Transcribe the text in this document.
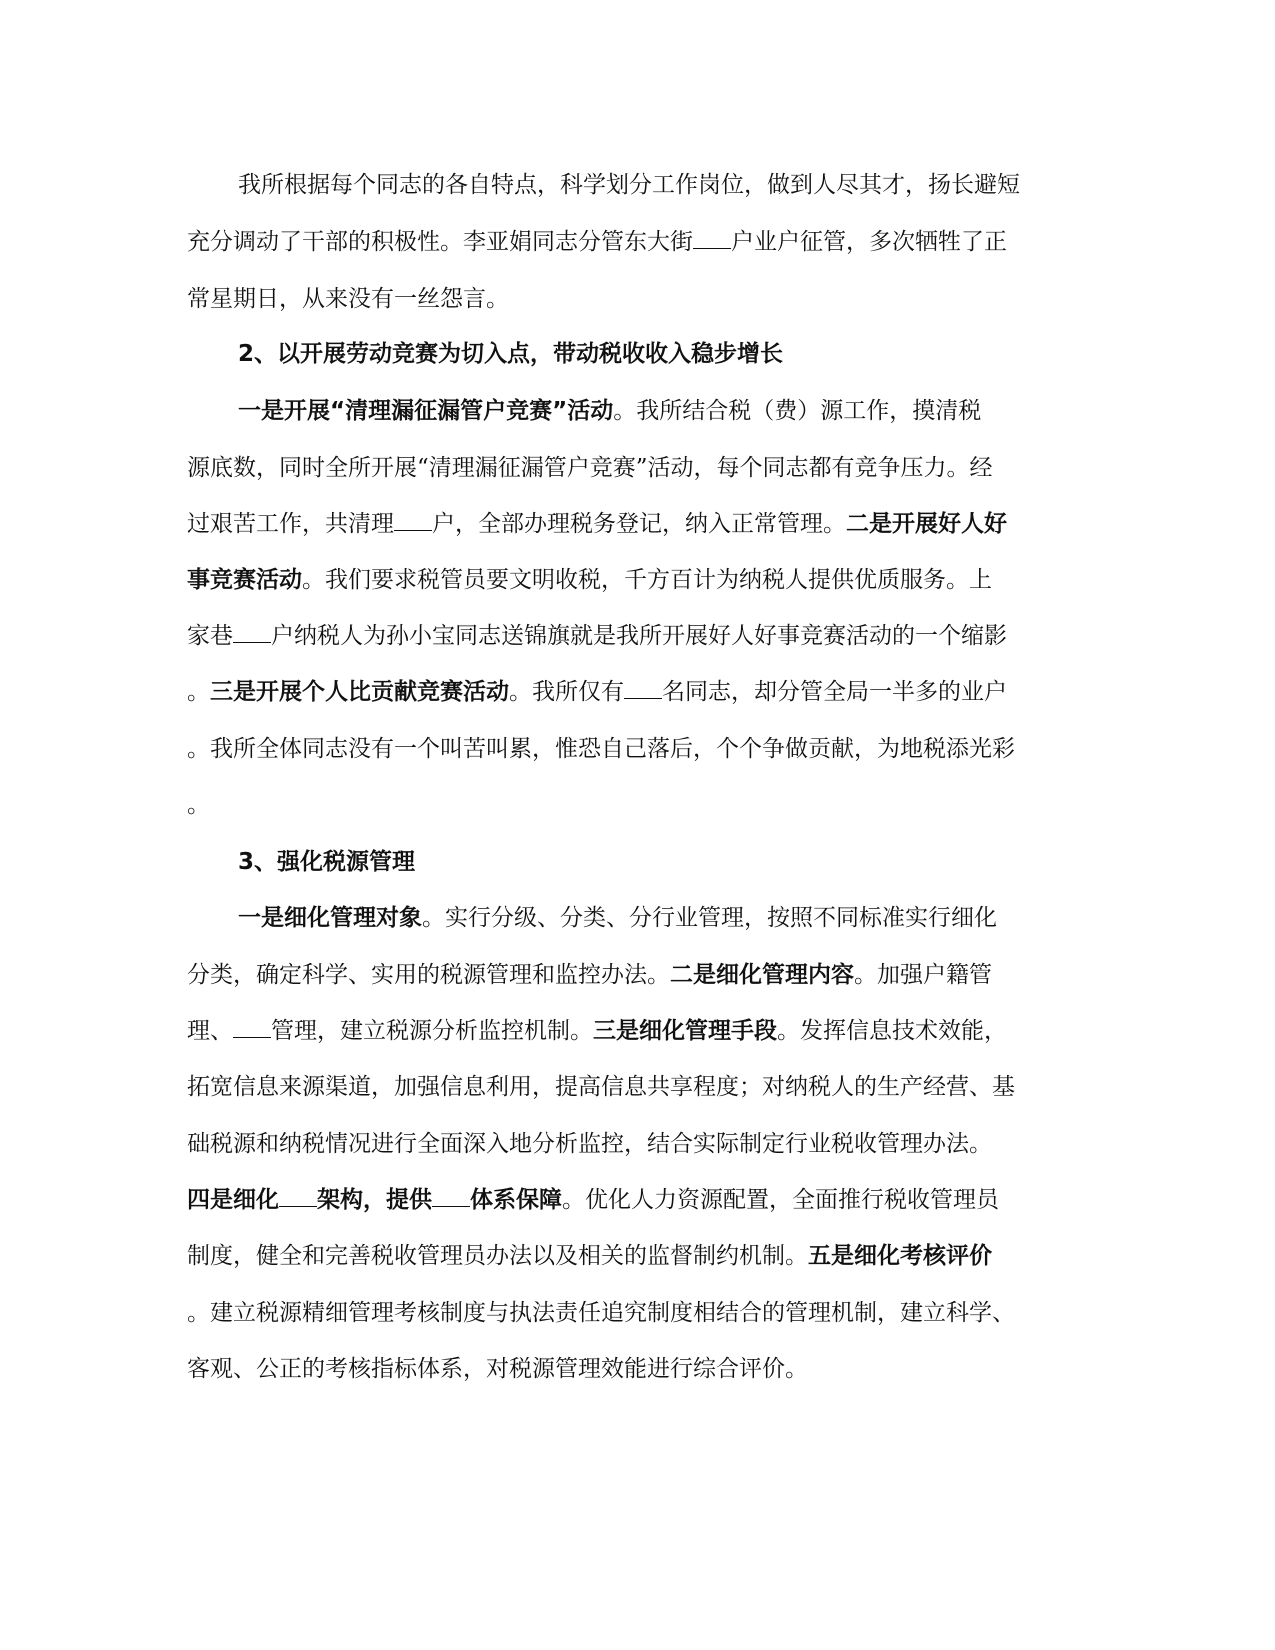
我所根据每个同志的各自特点，科学划分工作岗位，做到人尽其才，扬长避短
充分调动了干部的积极性。李亚娟同志分管东大街 户业户征管，多次牺牲了正
常星期日，从来没有一丝怨言。
2、以开展劳动竞赛为切入点，带动税收收入稳步增长
一是开展“清理漏征漏管户竞赛”活动。我所结合税（费）源工作，摸清税
源底数，同时全所开展“清理漏征漏管户竞赛”活动，每个同志都有竞争压力。经
过艰苦工作，共清理 户，全部办理税务登记，纳入正常管理。二是开展好人好
事竞赛活动。我们要求税管员要文明收税，千方百计为纳税人提供优质服务。上
家巷 户纳税人为孙小宝同志送锦旗就是我所开展好人好事竞赛活动的一个缩影
。三是开展个人比贡献竞赛活动。我所仅有 名同志，却分管全局一半多的业户
。我所全体同志没有一个叫苦叫累，惟恐自己落后，个个争做贡献，为地税添光彩
。
3、强化税源管理
一是细化管理对象。实行分级、分类、分行业管理，按照不同标准实行细化
分类，确定科学、实用的税源管理和监控办法。二是细化管理内容。加强户籍管
理、 管理，建立税源分析监控机制。三是细化管理手段。发挥信息技术效能，
拓宽信息来源渠道，加强信息利用，提高信息共享程度；对纳税人的生产经营、基
础税源和纳税情况进行全面深入地分析监控，结合实际制定行业税收管理办法。
四是细化 架构，提供 体系保障。优化人力资源配置，全面推行税收管理员
制度，健全和完善税收管理员办法以及相关的监督制约机制。五是细化考核评价
。建立税源精细管理考核制度与执法责任追究制度相结合的管理机制，建立科学、
客观、公正的考核指标体系，对税源管理效能进行综合评价。
